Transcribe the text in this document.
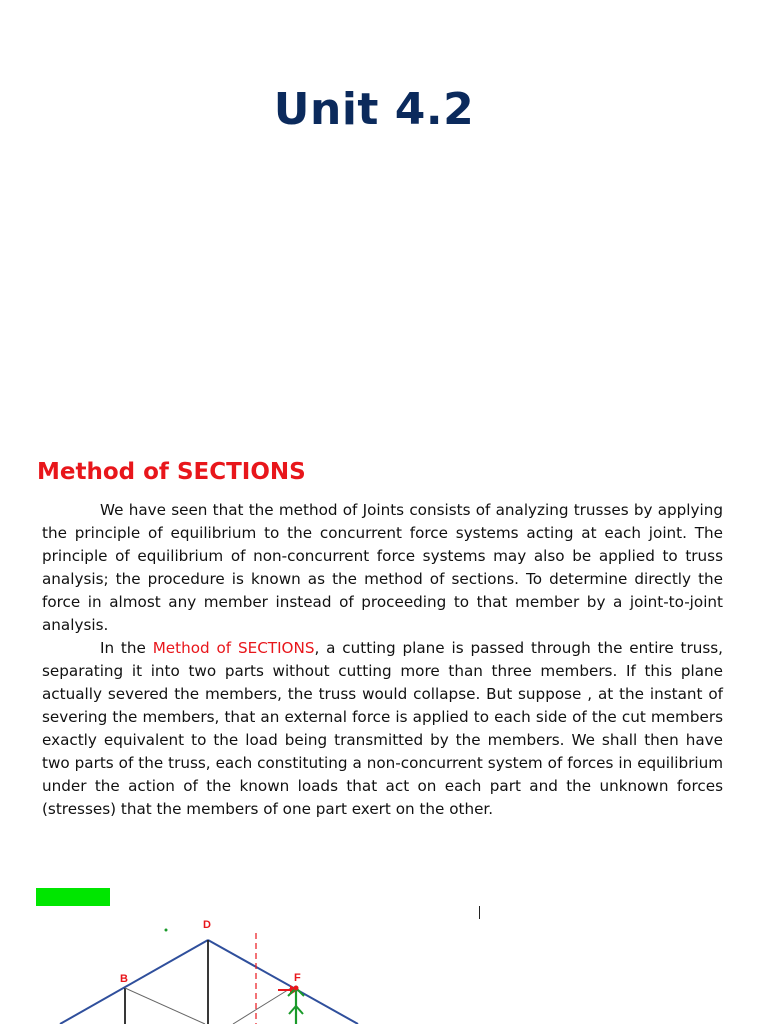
Unit 4.2
Method of SECTIONS

We have seen that the method of Joints consists of analyzing trusses by applying the principle of equilibrium to the concurrent force systems acting at each joint. The principle of equilibrium of non-concurrent force systems may also be applied to truss analysis; the procedure is known as the method of sections. To determine directly the force in almost any member instead of proceeding to that member by a joint-to-joint analysis.

In the Method of SECTIONS, a cutting plane is passed through the entire truss, separating it into two parts without cutting more than three members. If this plane actually severed the members, the truss would collapse. But suppose , at the instant of severing the members, that an external force is applied to each side of the cut members exactly equivalent to the load being transmitted by the members. We shall then have two parts of the truss, each constituting a non-concurrent system of forces in equilibrium under the action of the known loads that act on each part and the unknown forces (stresses) that the members of one part exert on the other.

D
B	F
